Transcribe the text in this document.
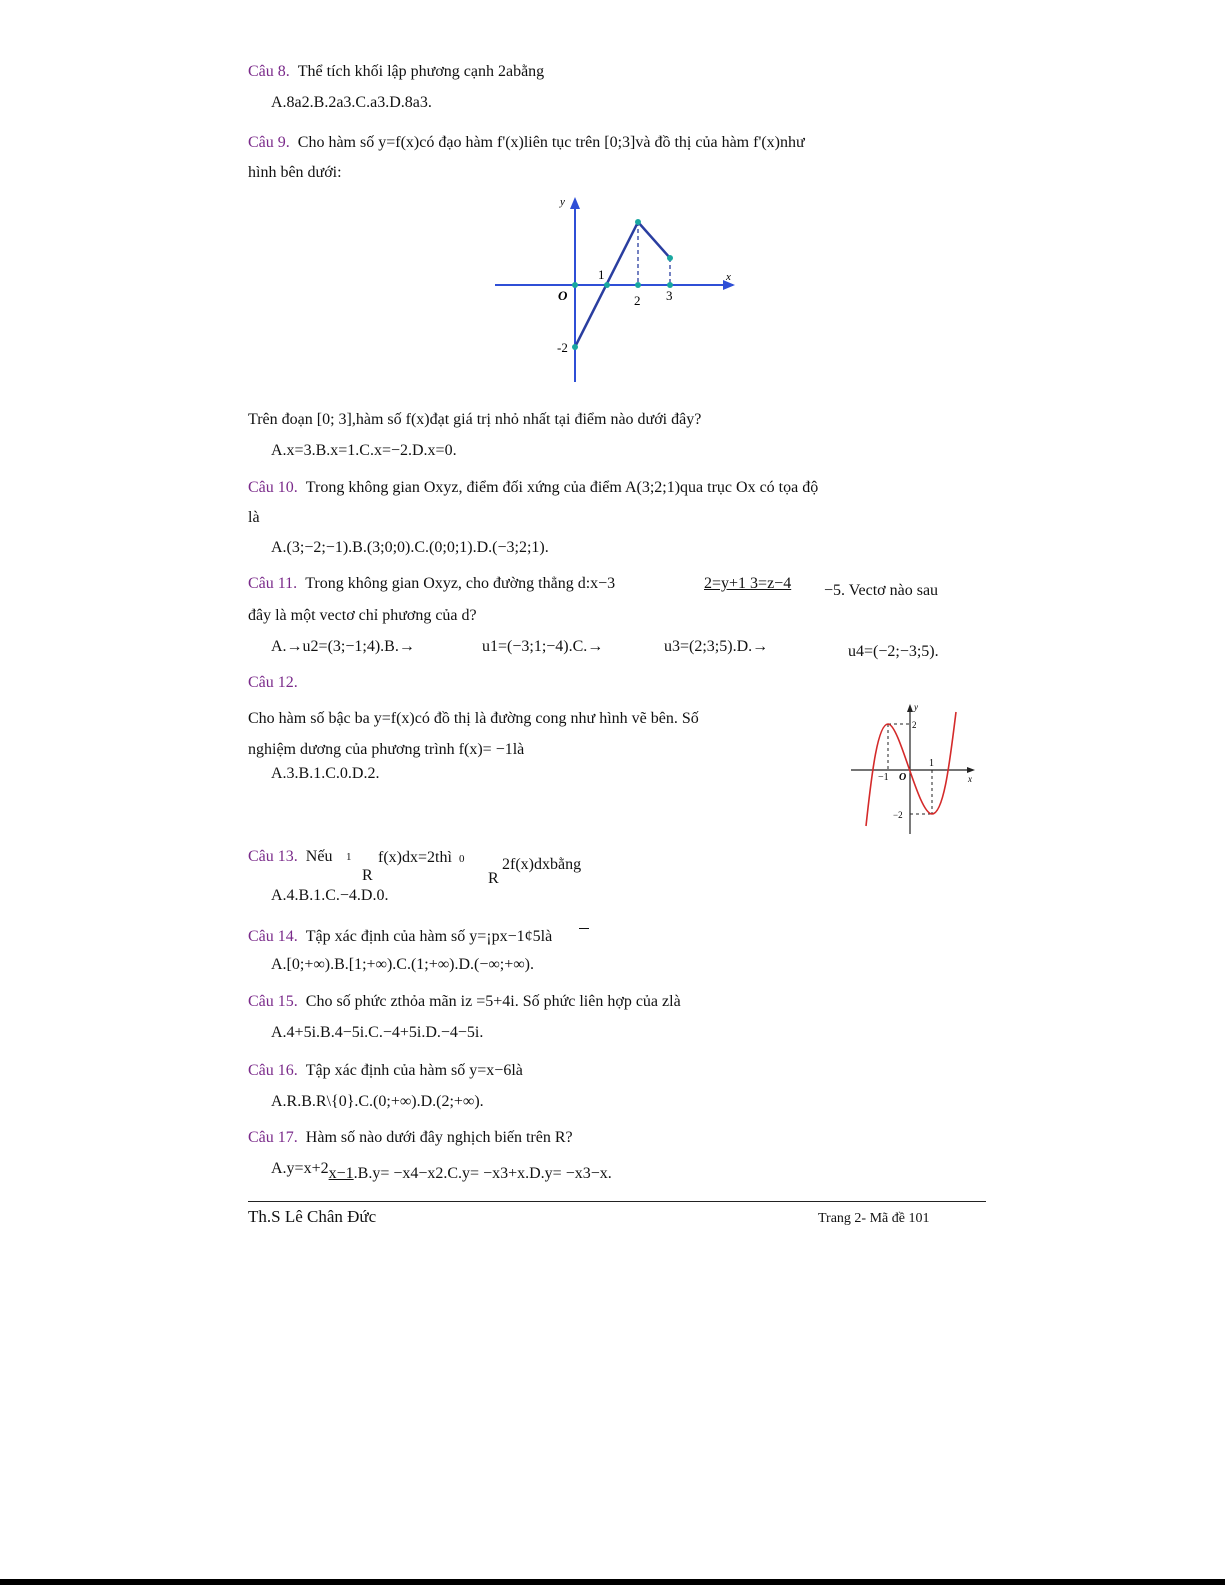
Câu 8. Thể tích khối lập phương cạnh 2abằng
A.8a2.B.2a3.C.a3.D.8a3.
Câu 9. Cho hàm số y=f(x)có đạo hàm f'(x)liên tục trên [0;3]và đồ thị của hàm f'(x)như
hình bên dưới:
y
x
O
1
2 3
-2
Trên đoạn [0; 3],hàm số f(x)đạt giá trị nhỏ nhất tại điểm nào dưới đây?
A.x=3.B.x=1.C.x=−2.D.x=0.
Câu 10. Trong không gian Oxyz, điểm đối xứng của điểm A(3;2;1)qua trục Ox có tọa độ
là
A.(3;−2;−1).B.(3;0;0).C.(0;0;1).D.(−3;2;1).
Câu 11. Trong không gian Oxyz, cho đường thẳng d:x−3	2=y+1 3=z−4 −5. Vectơ nào sau
đây là một vectơ chỉ phương của d?
A.→u2=(3;−1;4).B.→	u1=(−3;1;−4).C.→	u3=(2;3;5).D.→	u4=(−2;−3;5).
Câu 12.
Cho hàm số bậc ba y=f(x)có đồ thị là đường cong như hình vẽ bên. Số
nghiệm dương của phương trình f(x)= −1là
A.3.B.1.C.0.D.2.
y
x
O
−1
1
2
−2
Câu 13. Nếu 1 f(x)dx=2thì 0
R	R
2f(x)dxbằng
A.4.B.1.C.−4.D.0.
Câu 14. Tập xác định của hàm số y=¡px−1¢5là
A.[0;+∞).B.[1;+∞).C.(1;+∞).D.(−∞;+∞).
Câu 15. Cho số phức zthỏa mãn iz =5+4i. Số phức liên hợp của zlà
A.4+5i.B.4−5i.C.−4+5i.D.−4−5i.
Câu 16. Tập xác định của hàm số y=x−6là
A.R.B.R\{0}.C.(0;+∞).D.(2;+∞).
Câu 17. Hàm số nào dưới đây nghịch biến trên R?
A.y=x+2x−1.B.y= −x4−x2.C.y= −x3+x.D.y= −x3−x.
Th.S Lê Chân Đức	Trang 2- Mã đề 101
